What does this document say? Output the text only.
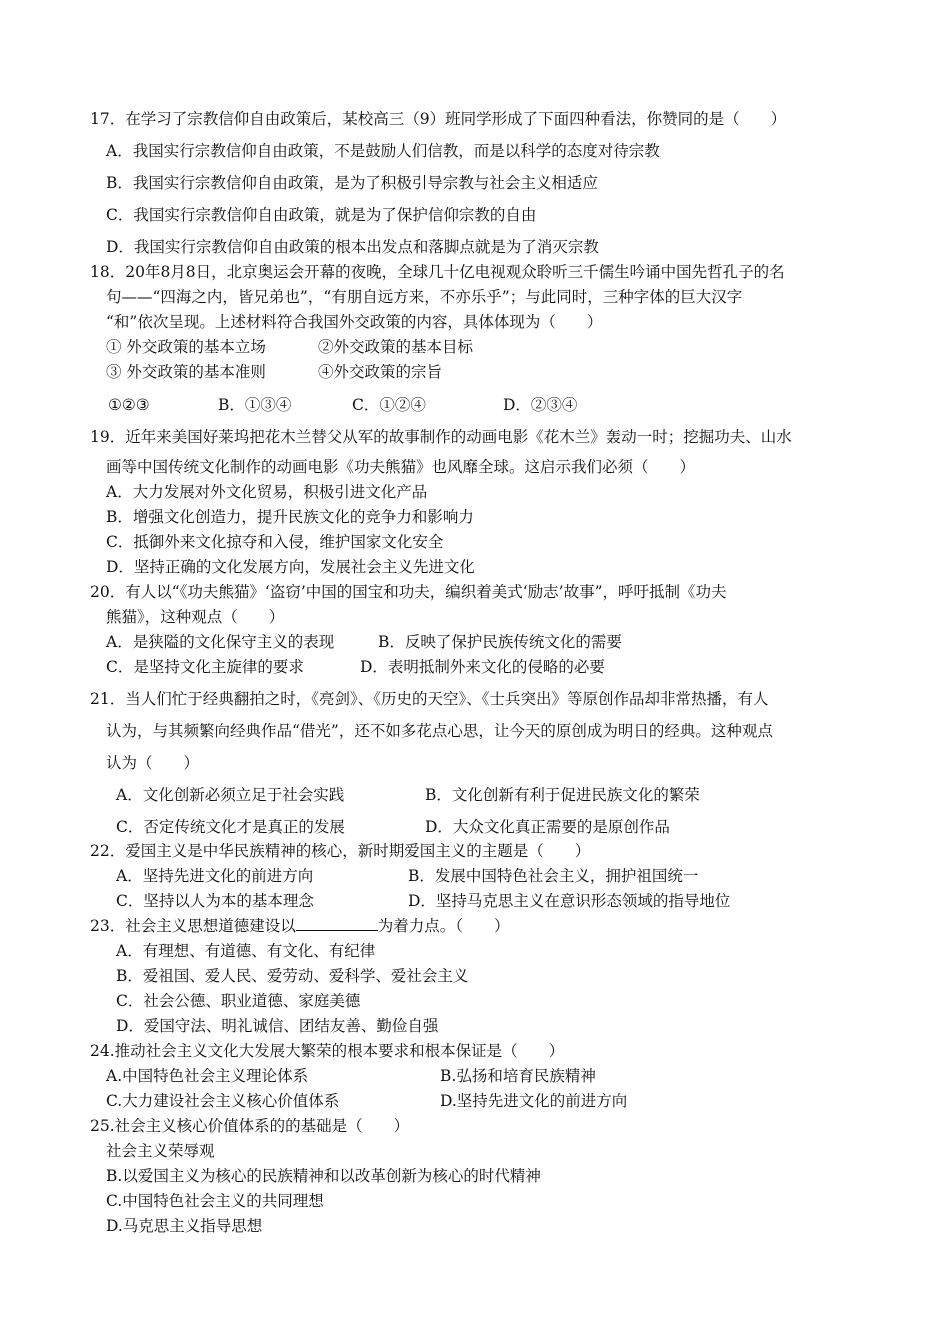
17．在学习了宗教信仰自由政策后，某校高三（9）班同学形成了下面四种看法，你赞同的是（　　）
A．我国实行宗教信仰自由政策，不是鼓励人们信教，而是以科学的态度对待宗教
B．我国实行宗教信仰自由政策，是为了积极引导宗教与社会主义相适应
C．我国实行宗教信仰自由政策，就是为了保护信仰宗教的自由
D．我国实行宗教信仰自由政策的根本出发点和落脚点就是为了消灭宗教
18．20年8月8日，北京奥运会开幕的夜晚，全球几十亿电视观众聆听三千儒生吟诵中国先哲孔子的名
句——“四海之内，皆兄弟也”，“有朋自远方来，不亦乐乎”；与此同时，三种字体的巨大汉字
“和”依次呈现。上述材料符合我国外交政策的内容，具体体现为（　　）
① 外交政策的基本立场	②外交政策的基本目标
③ 外交政策的基本准则	④外交政策的宗旨
①②③	B．①③④	C．①②④	D．②③④
19．近年来美国好莱坞把花木兰替父从军的故事制作的动画电影《花木兰》轰动一时；挖掘功夫、山水
画等中国传统文化制作的动画电影《功夫熊猫》也风靡全球。这启示我们必须（　　）
A．大力发展对外文化贸易，积极引进文化产品
B．增强文化创造力，提升民族文化的竞争力和影响力
C．抵御外来文化掠夺和入侵，维护国家文化安全
D．坚持正确的文化发展方向，发展社会主义先进文化
20．有人以“《功夫熊猫》‘盗窃’中国的国宝和功夫，编织着美式‘励志’故事”，呼吁抵制《功夫
熊猫》，这种观点（　　）
A．是狭隘的文化保守主义的表现	B．反映了保护民族传统文化的需要
C．是坚持文化主旋律的要求	D．表明抵制外来文化的侵略的必要
21．当人们忙于经典翻拍之时，《亮剑》、《历史的天空》、《士兵突出》等原创作品却非常热播，有人
认为，与其频繁向经典作品“借光”，还不如多花点心思，让今天的原创成为明日的经典。这种观点
认为（　　）
A．文化创新必须立足于社会实践	B．文化创新有利于促进民族文化的繁荣
C．否定传统文化才是真正的发展	D．大众文化真正需要的是原创作品
22．爱国主义是中华民族精神的核心，新时期爱国主义的主题是（　　）
A．坚持先进文化的前进方向	B．发展中国特色社会主义，拥护祖国统一
C．坚持以人为本的基本理念	D．坚持马克思主义在意识形态领域的指导地位
23．社会主义思想道德建设以	为着力点。（　　）
A．有理想、有道德、有文化、有纪律
B．爱祖国、爱人民、爱劳动、爱科学、爱社会主义
C．社会公德、职业道德、家庭美德
D．爱国守法、明礼诚信、团结友善、勤俭自强
24.推动社会主义文化大发展大繁荣的根本要求和根本保证是（　　）
A.中国特色社会主义理论体系	B.弘扬和培育民族精神
C.大力建设社会主义核心价值体系	D.坚持先进文化的前进方向
25.社会主义核心价值体系的的基础是（　　）
社会主义荣辱观
B.以爱国主义为核心的民族精神和以改革创新为核心的时代精神
C.中国特色社会主义的共同理想
D.马克思主义指导思想
